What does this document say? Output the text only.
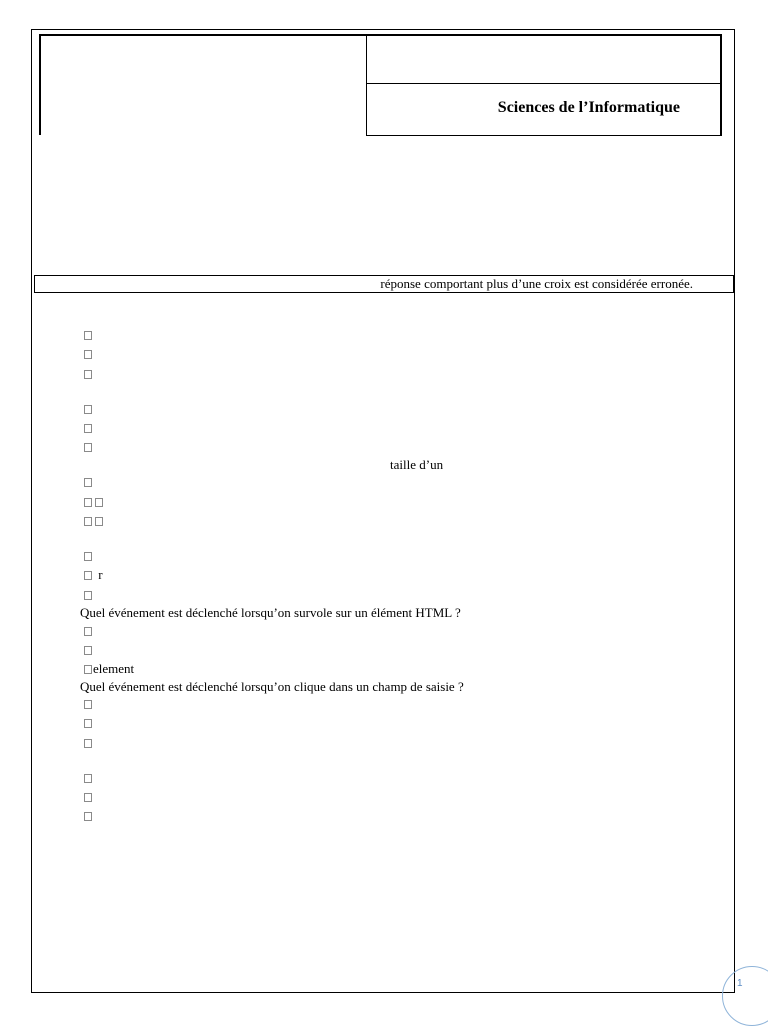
Sciences de l’Informatique
réponse comportant plus d’une croix est considérée erronée.
taille d’un
r
Quel événement est déclenché lorsqu’on survole sur un élément HTML ?
element
Quel événement est déclenché lorsqu’on clique dans un champ de saisie ?
1
